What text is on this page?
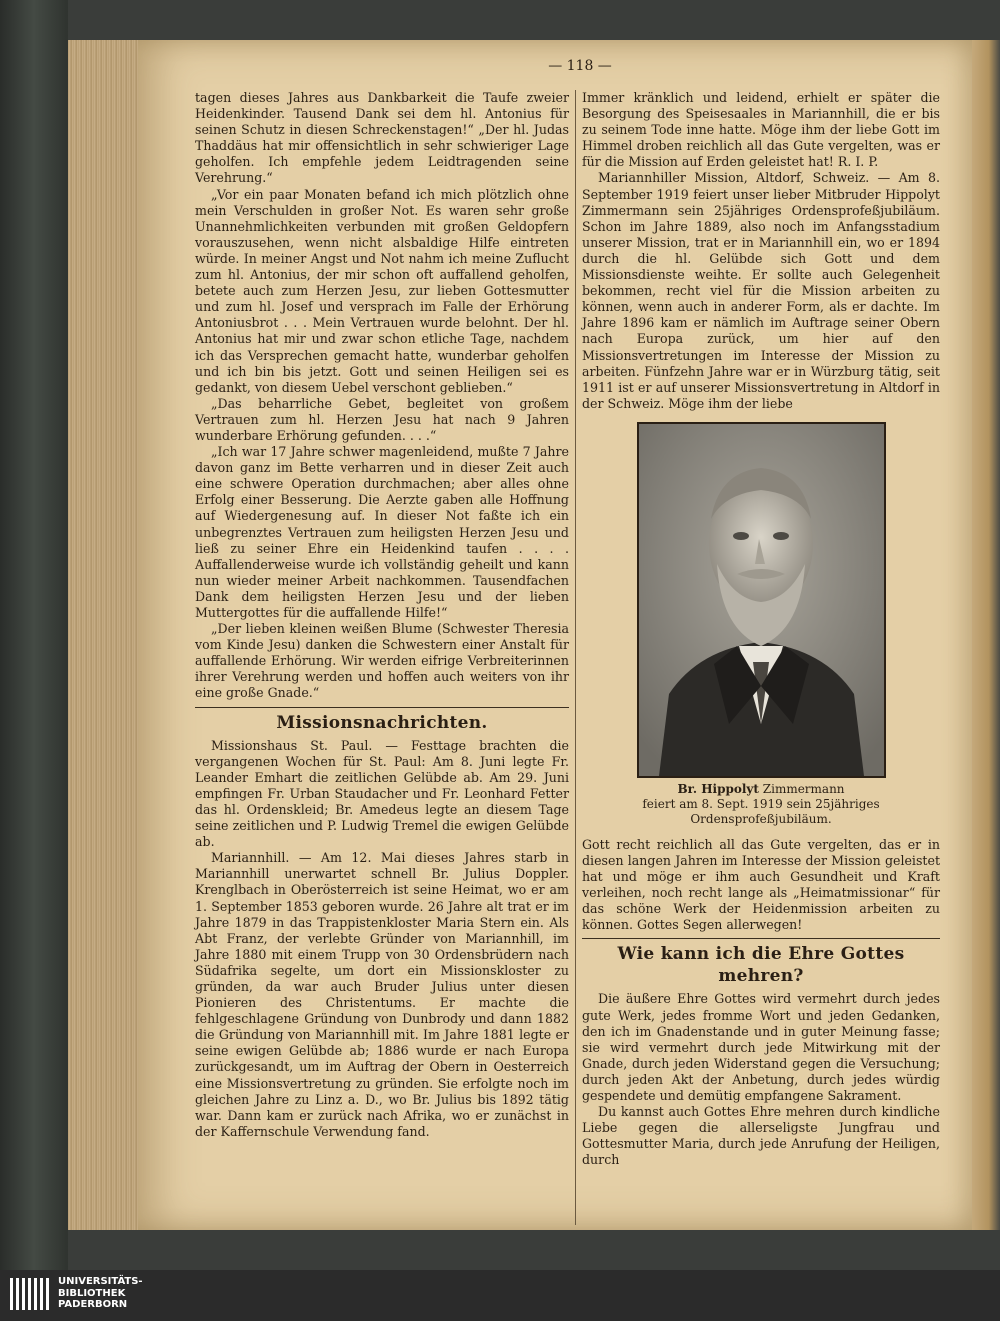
— 118 —

tagen dieses Jahres aus Dankbarkeit die Taufe zweier Heidenkinder. Tausend Dank sei dem hl. Antonius für seinen Schutz in diesen Schreckenstagen!“ „Der hl. Judas Thaddäus hat mir offensichtlich in sehr schwieriger Lage geholfen. Ich empfehle jedem Leidtragenden seine Verehrung.“

„Vor ein paar Monaten befand ich mich plötzlich ohne mein Verschulden in großer Not. Es waren sehr große Unannehmlichkeiten verbunden mit großen Geldopfern vorauszusehen, wenn nicht alsbaldige Hilfe eintreten würde. In meiner Angst und Not nahm ich meine Zuflucht zum hl. Antonius, der mir schon oft auffallend geholfen, betete auch zum Herzen Jesu, zur lieben Gottesmutter und zum hl. Josef und versprach im Falle der Erhörung Antoniusbrot . . . Mein Vertrauen wurde belohnt. Der hl. Antonius hat mir und zwar schon etliche Tage, nachdem ich das Versprechen gemacht hatte, wunderbar geholfen und ich bin bis jetzt. Gott und seinen Heiligen sei es gedankt, von diesem Uebel verschont geblieben.“

„Das beharrliche Gebet, begleitet von großem Vertrauen zum hl. Herzen Jesu hat nach 9 Jahren wunderbare Erhörung gefunden. . . .“

„Ich war 17 Jahre schwer magenleidend, mußte 7 Jahre davon ganz im Bette verharren und in dieser Zeit auch eine schwere Operation durchmachen; aber alles ohne Erfolg einer Besserung. Die Aerzte gaben alle Hoffnung auf Wiedergenesung auf. In dieser Not faßte ich ein unbegrenztes Vertrauen zum heiligsten Herzen Jesu und ließ zu seiner Ehre ein Heidenkind taufen . . . . Auffallenderweise wurde ich vollständig geheilt und kann nun wieder meiner Arbeit nachkommen. Tausendfachen Dank dem heiligsten Herzen Jesu und der lieben Muttergottes für die auffallende Hilfe!“

„Der lieben kleinen weißen Blume (Schwester Theresia vom Kinde Jesu) danken die Schwestern einer Anstalt für auffallende Erhörung. Wir werden eifrige Verbreiterinnen ihrer Verehrung werden und hoffen auch weiters von ihr eine große Gnade.“

Missionsnachrichten.

Missionshaus St. Paul. — Festtage brachten die vergangenen Wochen für St. Paul: Am 8. Juni legte Fr. Leander Emhart die zeitlichen Gelübde ab. Am 29. Juni empfingen Fr. Urban Staudacher und Fr. Leonhard Fetter das hl. Ordenskleid; Br. Amedeus legte an diesem Tage seine zeitlichen und P. Ludwig Tremel die ewigen Gelübde ab.

Mariannhill. — Am 12. Mai dieses Jahres starb in Mariannhill unerwartet schnell Br. Julius Doppler. Krenglbach in Oberösterreich ist seine Heimat, wo er am 1. September 1853 geboren wurde. 26 Jahre alt trat er im Jahre 1879 in das Trappistenkloster Maria Stern ein. Als Abt Franz, der verlebte Gründer von Mariannhill, im Jahre 1880 mit einem Trupp von 30 Ordensbrüdern nach Südafrika segelte, um dort ein Missionskloster zu gründen, da war auch Bruder Julius unter diesen Pionieren des Christentums. Er machte die fehlgeschlagene Gründung von Dunbrody und dann 1882 die Gründung von Mariannhill mit. Im Jahre 1881 legte er seine ewigen Gelübde ab; 1886 wurde er nach Europa zurückgesandt, um im Auftrag der Obern in Oesterreich eine Missionsvertretung zu gründen. Sie erfolgte noch im gleichen Jahre zu Linz a. D., wo Br. Julius bis 1892 tätig war. Dann kam er zurück nach Afrika, wo er zunächst in der Kaffernschule Verwendung fand.

Immer kränklich und leidend, erhielt er später die Besorgung des Speisesaales in Mariannhill, die er bis zu seinem Tode inne hatte. Möge ihm der liebe Gott im Himmel droben reichlich all das Gute vergelten, was er für die Mission auf Erden geleistet hat! R. I. P.

Mariannhiller Mission, Altdorf, Schweiz. — Am 8. September 1919 feiert unser lieber Mitbruder Hippolyt Zimmermann sein 25jähriges Ordensprofeßjubiläum. Schon im Jahre 1889, also noch im Anfangsstadium unserer Mission, trat er in Mariannhill ein, wo er 1894 durch die hl. Gelübde sich Gott und dem Missionsdienste weihte. Er sollte auch Gelegenheit bekommen, recht viel für die Mission arbeiten zu können, wenn auch in anderer Form, als er dachte. Im Jahre 1896 kam er nämlich im Auftrage seiner Obern nach Europa zurück, um hier auf den Missionsvertretungen im Interesse der Mission zu arbeiten. Fünfzehn Jahre war er in Würzburg tätig, seit 1911 ist er auf unserer Missionsvertretung in Altdorf in der Schweiz. Möge ihm der liebe

Br. Hippolyt Zimmermann
feiert am 8. Sept. 1919 sein 25jähriges
Ordensprofeßjubiläum.

Gott recht reichlich all das Gute vergelten, das er in diesen langen Jahren im Interesse der Mission geleistet hat und möge er ihm auch Gesundheit und Kraft verleihen, noch recht lange als „Heimatmissionar“ für das schöne Werk der Heidenmission arbeiten zu können. Gottes Segen allerwegen!

Wie kann ich die Ehre Gottes mehren?

Die äußere Ehre Gottes wird vermehrt durch jedes gute Werk, jedes fromme Wort und jeden Gedanken, den ich im Gnadenstande und in guter Meinung fasse; sie wird vermehrt durch jede Mitwirkung mit der Gnade, durch jeden Widerstand gegen die Versuchung; durch jeden Akt der Anbetung, durch jedes würdig gespendete und demütig empfangene Sakrament.

Du kannst auch Gottes Ehre mehren durch kindliche Liebe gegen die allerseligste Jungfrau und Gottesmutter Maria, durch jede Anrufung der Heiligen, durch

UNIVERSITÄTS-
BIBLIOTHEK
PADERBORN
